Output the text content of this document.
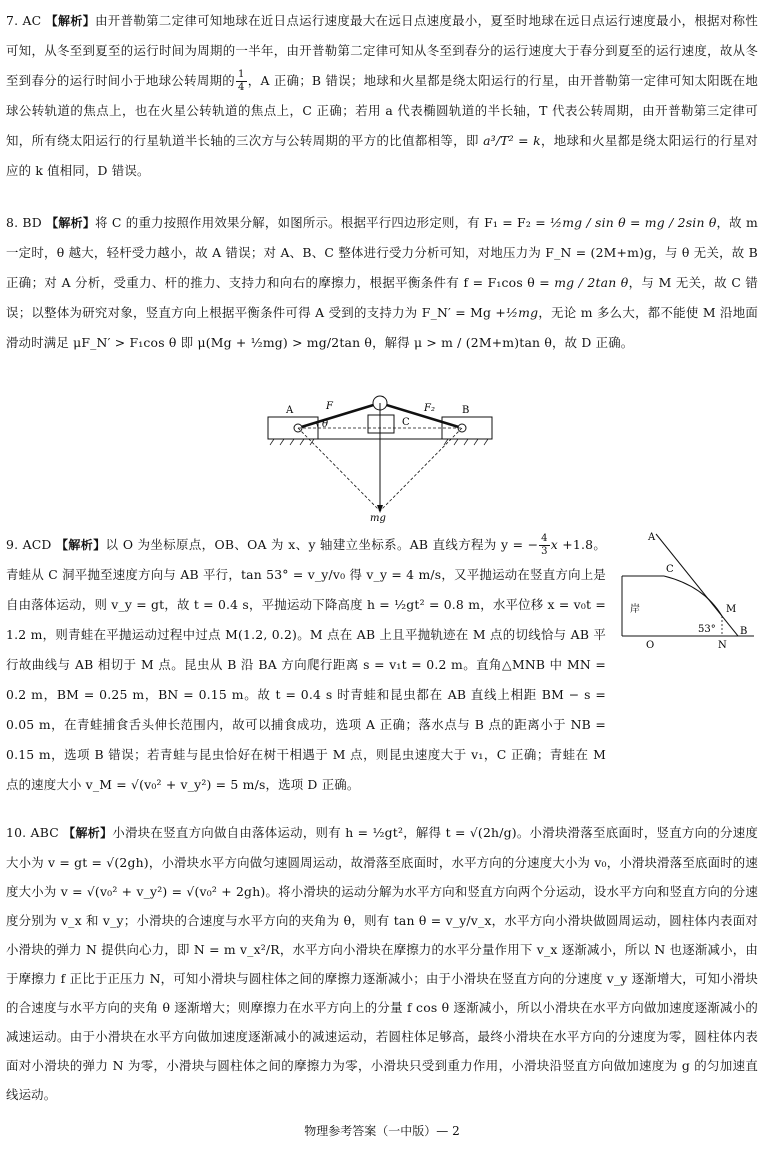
7. AC 【解析】由开普勒第二定律可知地球在近日点运行速度最大在远日点速度最小，夏至时地球在远日点运行速度最小，根据对称性可知，从冬至到夏至的运行时间为周期的一半年，由开普勒第二定律可知从冬至到春分的运行速度大于春分到夏至的运行速度，故从冬至到春分的运行时间小于地球公转周期的 $\frac{1}{4}$ ，A 正确；B 错误；地球和火星都是绕太阳运行的行星，由开普勒第一定律可知太阳既在地球公转轨道的焦点上，也在火星公转轨道的焦点上，C 正确；若用 a 代表椭圆轨道的半长轴，T 代表公转周期，由开普勒第三定律可知，所有绕太阳运行的行星轨道半长轴的三次方与公转周期的平方的比值都相等，即 a³/T² = k，地球和火星都是绕太阳运行的行星对应的 k 值相同，D 错误。
8. BD 【解析】将 C 的重力按照作用效果分解，如图所示。根据平行四边形定则，有 F₁ = F₂ = ½mg / sin θ = mg / 2sin θ，故 m 一定时，θ 越大，轻杆受力越小，故 A 错误；对 A、B、C 整体进行受力分析可知，对地压力为 F_N = (2M+m)g，与 θ 无关，故 B 正确；对 A 分析，受重力、杆的推力、支持力和向右的摩擦力，根据平衡条件有 f = F₁cos θ = mg / 2tan θ，与 M 无关，故 C 错误；以整体为研究对象，竖直方向上根据平衡条件可得 A 受到的支持力为 F_N′ = Mg +½mg，无论 m 多么大，都不能使 M 沿地面滑动时满足 μF_N′ > F₁cos θ 即 μ(Mg + ½mg) > mg/2tan θ，解得 μ > m / (2M+m)tan θ，故 D 正确。
A	B
C
F	F₂
θ
mg
9. ACD 【解析】以 O 为坐标原点，OB、OA 为 x、y 轴建立坐标系。AB 直线方程为 y = − $\frac{4}{3}$ x +1.8。青蛙从 C 洞平抛至速度方向与 AB 平行，tan 53° = v_y/v₀ 得 v_y = 4 m/s，又平抛运动在竖直方向上是自由落体运动，则 v_y = gt，故 t = 0.4 s，平抛运动下降高度 h = ½gt² = 0.8 m，水平位移 x = v₀t = 1.2 m，则青蛙在平抛运动过程中过点 M(1.2, 0.2)。M 点在 AB 上且平抛轨迹在 M 点的切线恰与 AB 平行故曲线与 AB 相切于 M 点。昆虫从 B 沿 BA 方向爬行距离 s = v₁t = 0.2 m。直角△MNB 中 MN = 0.2 m，BM = 0.25 m，BN = 0.15 m。故 t = 0.4 s 时青蛙和昆虫都在 AB 直线上相距 BM − s = 0.05 m，在青蛙捕食舌头伸长范围内，故可以捕食成功，选项 A 正确；落水点与 B 点的距离小于 NB = 0.15 m，选项 B 错误；若青蛙与昆虫恰好在树干相遇于 M 点，则昆虫速度大于 v₁，C 正确；青蛙在 M 点的速度大小 v_M = √(v₀² + v_y²) = 5 m/s，选项 D 正确。
A
C
M
53°
O	N
B
岸
10. ABC 【解析】小滑块在竖直方向做自由落体运动，则有 h = ½gt²，解得 t = √(2h/g)。小滑块滑落至底面时，竖直方向的分速度大小为 v = gt = √(2gh)，小滑块水平方向做匀速圆周运动，故滑落至底面时，水平方向的分速度大小为 v₀，小滑块滑落至底面时的速度大小为 v = √(v₀² + v_y²) = √(v₀² + 2gh)。将小滑块的运动分解为水平方向和竖直方向两个分运动，设水平方向和竖直方向的分速度分别为 v_x 和 v_y；小滑块的合速度与水平方向的夹角为 θ，则有 tan θ = v_y/v_x，水平方向小滑块做圆周运动，圆柱体内表面对小滑块的弹力 N 提供向心力，即 N = m v_x²/R，水平方向小滑块在摩擦力的水平分量作用下 v_x 逐渐减小，所以 N 也逐渐减小，由于摩擦力 f 正比于正压力 N，可知小滑块与圆柱体之间的摩擦力逐渐减小；由于小滑块在竖直方向的分速度 v_y 逐渐增大，可知小滑块的合速度与水平方向的夹角 θ 逐渐增大；则摩擦力在水平方向上的分量 f cos θ 逐渐减小，所以小滑块在水平方向做加速度逐渐减小的减速运动。由于小滑块在水平方向做加速度逐渐减小的减速运动，若圆柱体足够高，最终小滑块在水平方向的分速度为零，圆柱体内表面对小滑块的弹力 N 为零，小滑块与圆柱体之间的摩擦力为零，小滑块只受到重力作用，小滑块沿竖直方向做加速度为 g 的匀加速直线运动。
物理参考答案（一中版）— 2
